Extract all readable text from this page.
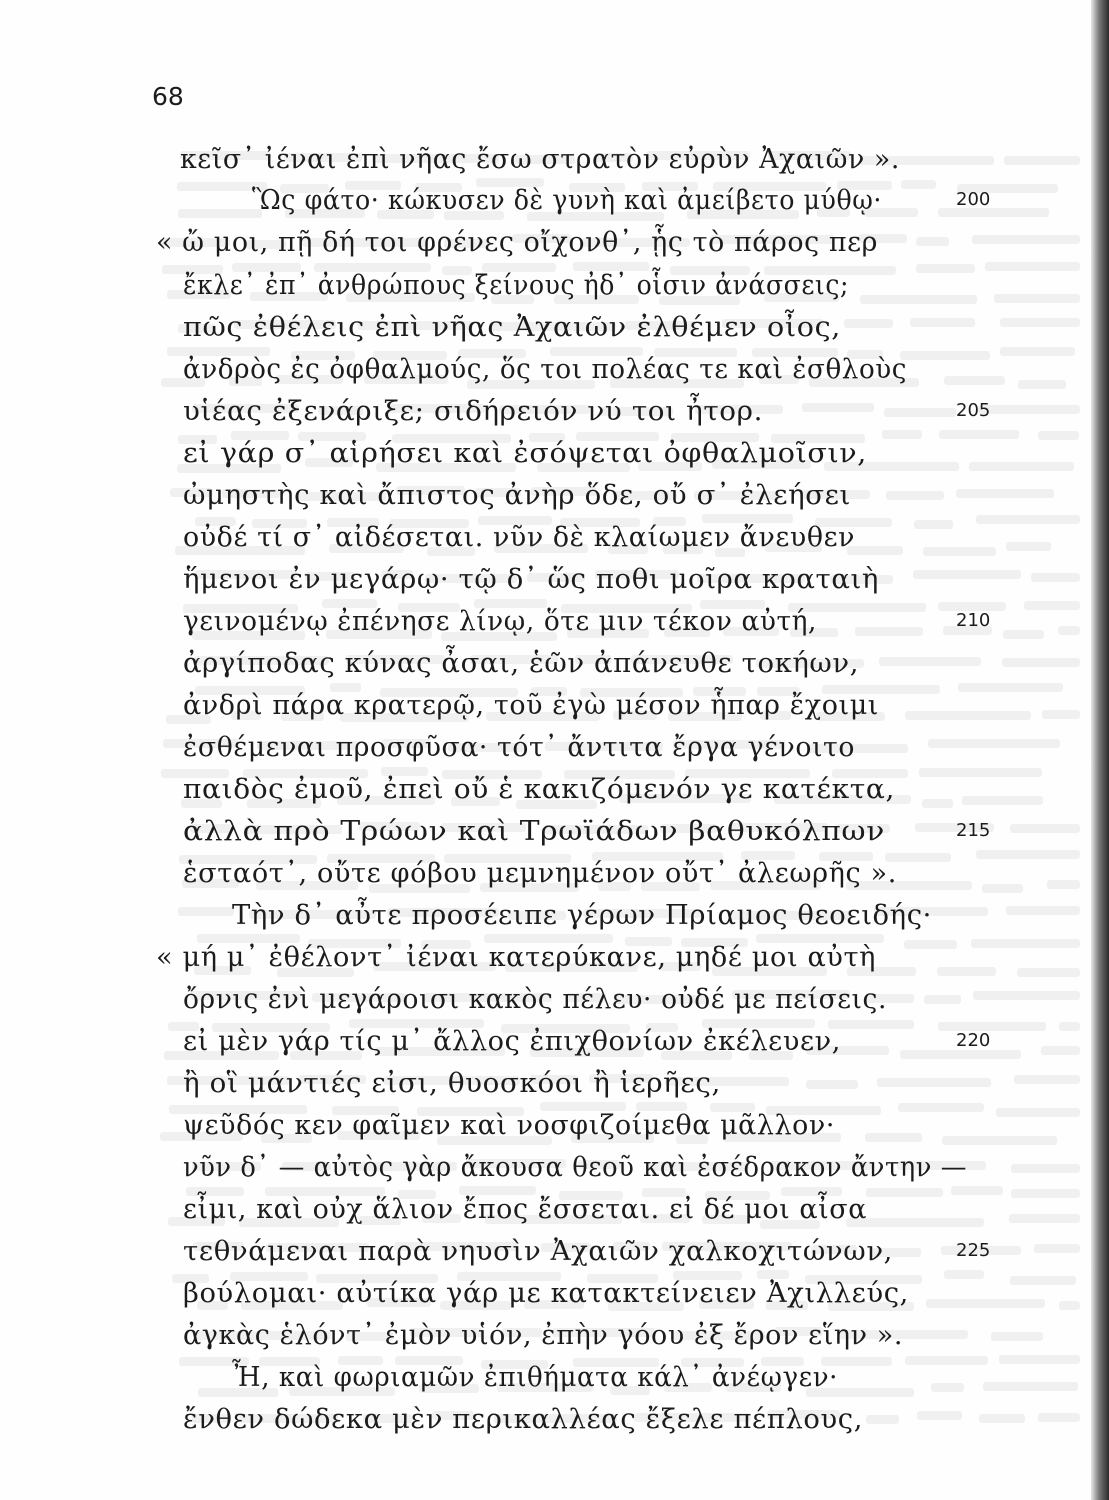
68
κεῖσ᾽ ἰέναι ἐπὶ νῆας ἔσω στρατὸν εὐρὺν Ἀχαιῶν ».
Ὣς φάτο· κώκυσεν δὲ γυνὴ καὶ ἀμείβετο μύθῳ·
« ὤ μοι, πῇ δή τοι φρένες οἴχονθ᾽, ᾗς τὸ πάρος περ
ἔκλε᾽ ἐπ᾽ ἀνθρώπους ξείνους ἠδ᾽ οἷσιν ἀνάσσεις;
πῶς ἐθέλεις ἐπὶ νῆας Ἀχαιῶν ἐλθέμεν οἶος,
ἀνδρὸς ἐς ὀφθαλμούς, ὅς τοι πολέας τε καὶ ἐσθλοὺς
υἱέας ἐξενάριξε; σιδήρειόν νύ τοι ἦτορ.
εἰ γάρ σ᾽ αἱρήσει καὶ ἐσόψεται ὀφθαλμοῖσιν,
ὠμηστὴς καὶ ἄπιστος ἀνὴρ ὅδε, οὔ σ᾽ ἐλεήσει
οὐδέ τί σ᾽ αἰδέσεται. νῦν δὲ κλαίωμεν ἄνευθεν
ἥμενοι ἐν μεγάρῳ· τῷ δ᾽ ὥς ποθι μοῖρα κραταιὴ
γεινομένῳ ἐπένησε λίνῳ, ὅτε μιν τέκον αὐτή,
ἀργίποδας κύνας ἆσαι, ἑῶν ἀπάνευθε τοκήων,
ἀνδρὶ πάρα κρατερῷ, τοῦ ἐγὼ μέσον ἧπαρ ἔχοιμι
ἐσθέμεναι προσφῦσα· τότ᾽ ἄντιτα ἔργα γένοιτο
παιδὸς ἐμοῦ, ἐπεὶ οὔ ἑ κακιζόμενόν γε κατέκτα,
ἀλλὰ πρὸ Τρώων καὶ Τρωϊάδων βαθυκόλπων
ἑσταότ᾽, οὔτε φόβου μεμνημένον οὔτ᾽ ἀλεωρῆς ».
Τὴν δ᾽ αὖτε προσέειπε γέρων Πρίαμος θεοειδής·
« μή μ᾽ ἐθέλοντ᾽ ἰέναι κατερύκανε, μηδέ μοι αὐτὴ
ὄρνις ἐνὶ μεγάροισι κακὸς πέλευ· οὐδέ με πείσεις.
εἰ μὲν γάρ τίς μ᾽ ἄλλος ἐπιχθονίων ἐκέλευεν,
ἢ οἳ μάντιές εἰσι, θυοσκόοι ἢ ἱερῆες,
ψεῦδός κεν φαῖμεν καὶ νοσφιζοίμεθα μᾶλλον·
νῦν δ᾽ — αὐτὸς γὰρ ἄκουσα θεοῦ καὶ ἐσέδρακον ἄντην —
εἶμι, καὶ οὐχ ἅλιον ἔπος ἔσσεται. εἰ δέ μοι αἶσα
τεθνάμεναι παρὰ νηυσὶν Ἀχαιῶν χαλκοχιτώνων,
βούλομαι· αὐτίκα γάρ με κατακτείνειεν Ἀχιλλεύς,
ἀγκὰς ἑλόντ᾽ ἐμὸν υἱόν, ἐπὴν γόου ἐξ ἔρον εἵην ».
Ἦ, καὶ φωριαμῶν ἐπιθήματα κάλ᾽ ἀνέῳγεν·
ἔνθεν δώδεκα μὲν περικαλλέας ἔξελε πέπλους,
200
205
210
215
220
225
